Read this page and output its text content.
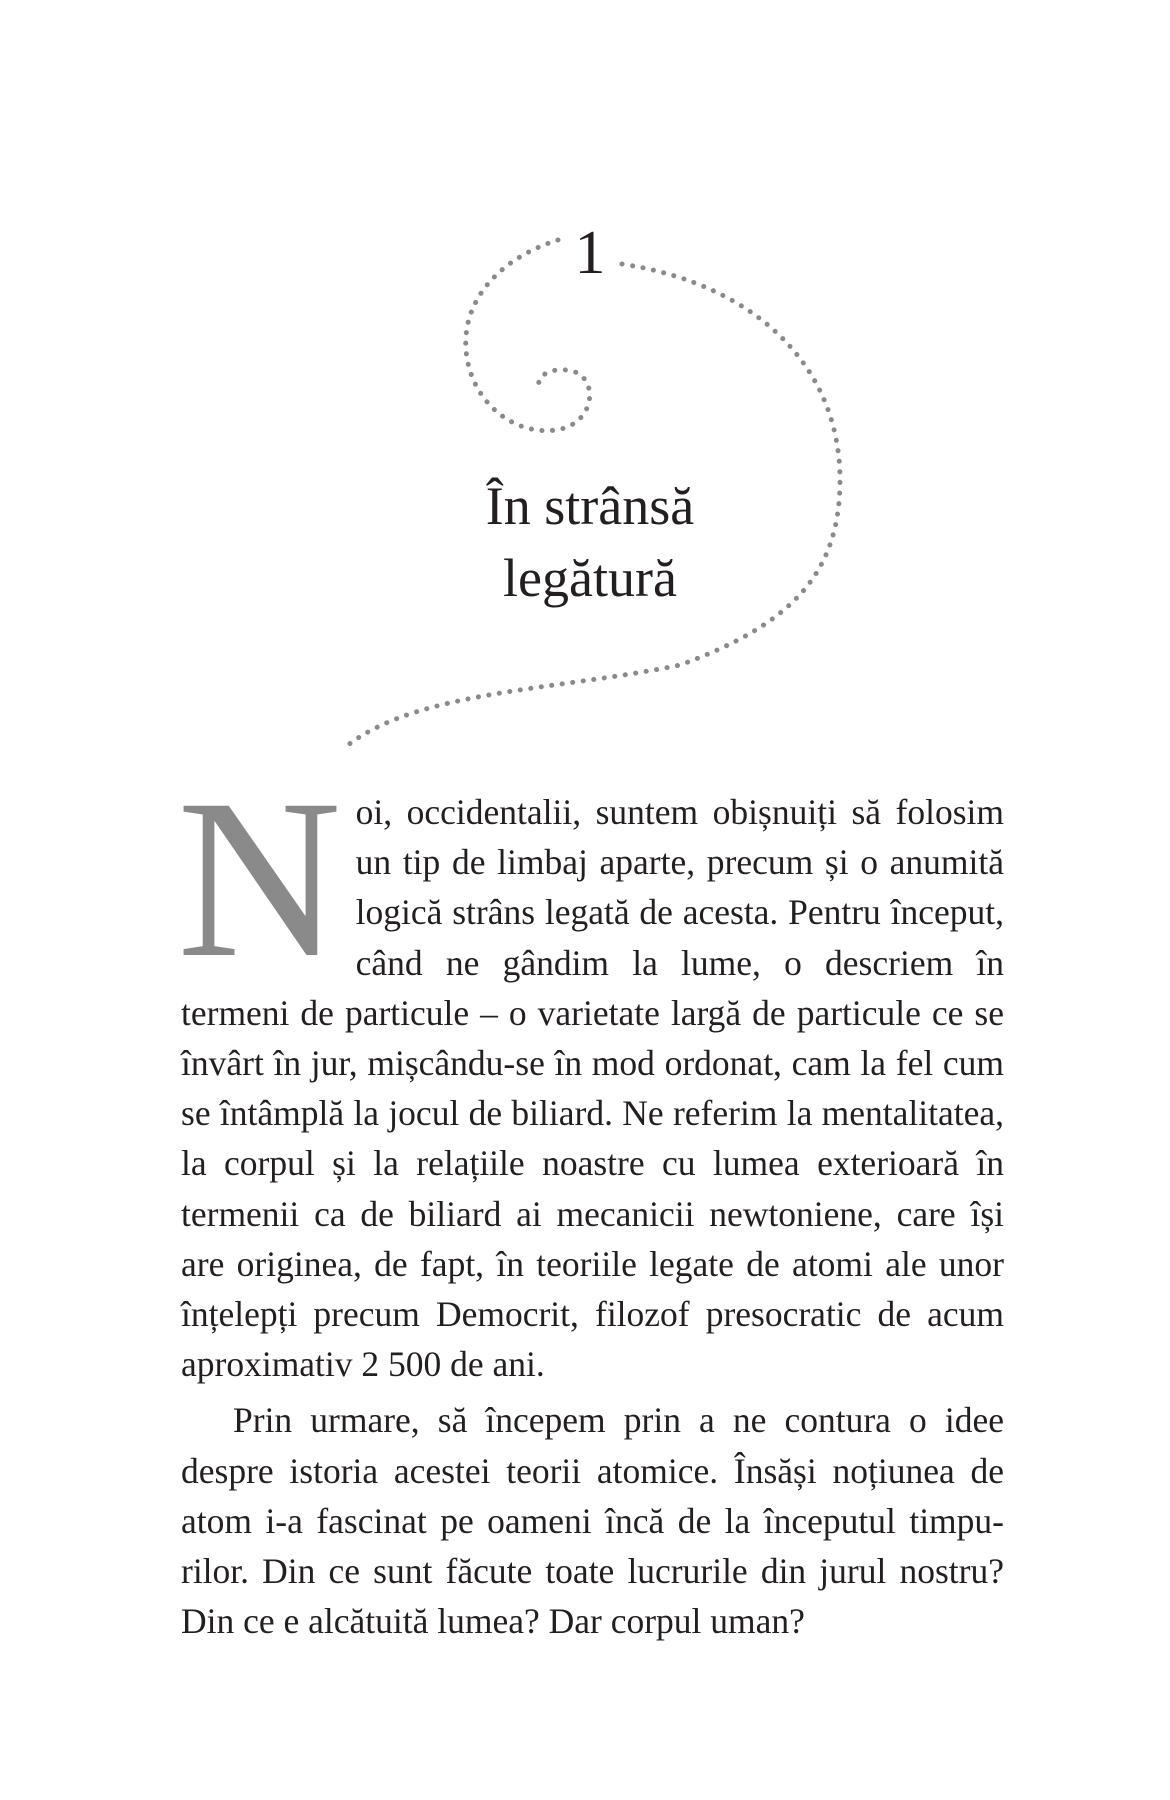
1
În strânsă legătură

Noi, occidentalii, suntem obișnuiți să folosim un tip de limbaj aparte, precum și o anumită logică strâns legată de acesta. Pentru început, când ne gândim la lume, o descriem în termeni de particule – o varietate largă de particule ce se învârt în jur, mișcându-se în mod ordonat, cam la fel cum se întâmplă la jocul de biliard. Ne referim la mentalitatea, la corpul și la relațiile noastre cu lumea exterioară în termenii ca de biliard ai mecanicii newtoniene, care își are originea, de fapt, în teoriile legate de atomi ale unor înțelepți precum Democrit, filozof presocratic de acum aproximativ 2 500 de ani.

Prin urmare, să începem prin a ne contura o idee despre istoria acestei teorii atomice. Însăși noțiunea de atom i-a fascinat pe oameni încă de la începutul timpurilor. Din ce sunt făcute toate lucrurile din jurul nostru? Din ce e alcătuită lumea? Dar corpul uman?
